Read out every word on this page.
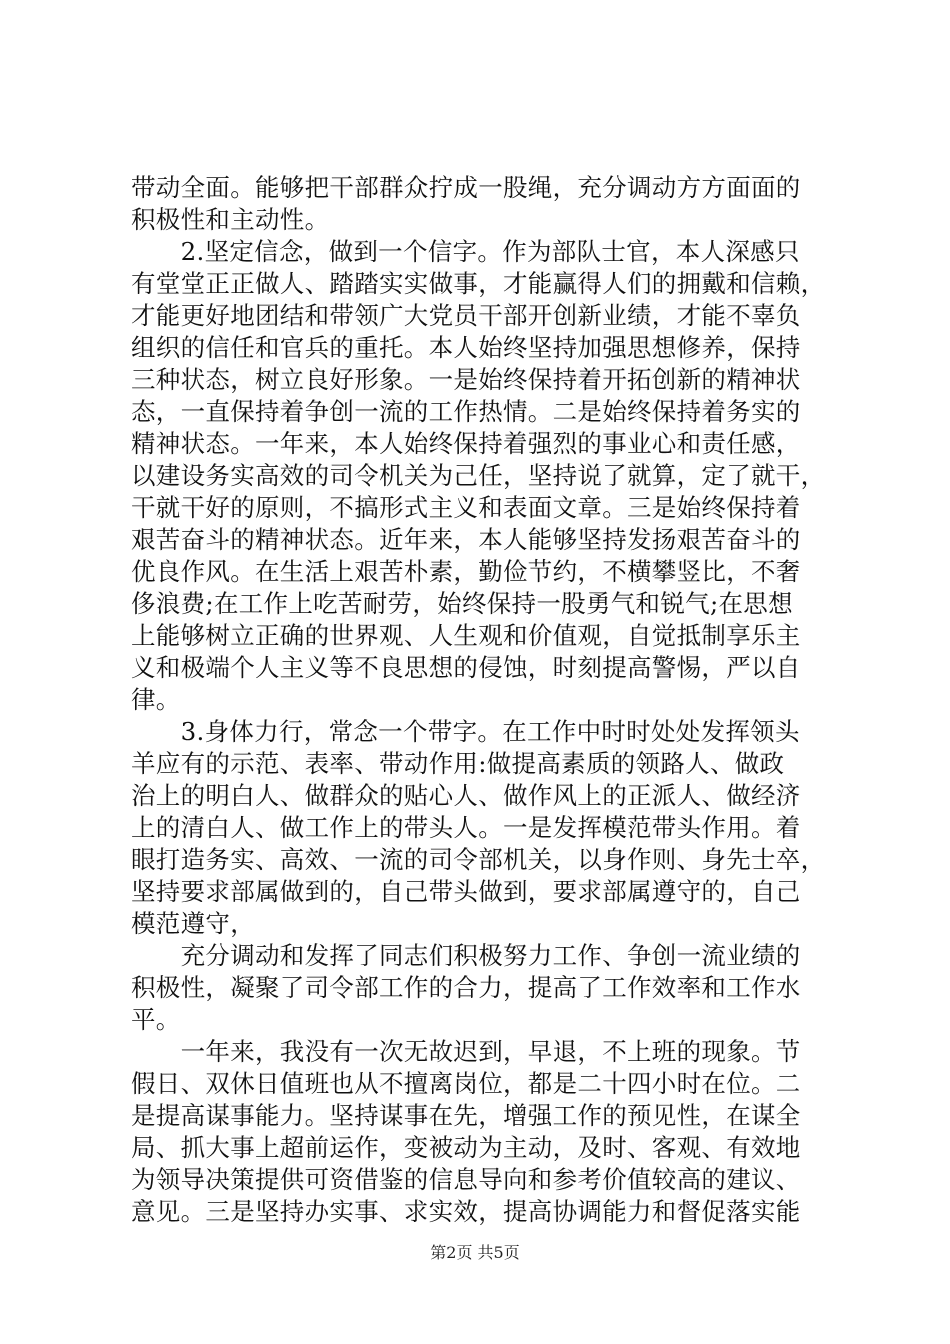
带动全面。能够把干部群众拧成一股绳，充分调动方方面面的
积极性和主动性。
　　2.坚定信念，做到一个信字。作为部队士官，本人深感只
有堂堂正正做人、踏踏实实做事，才能赢得人们的拥戴和信赖，
才能更好地团结和带领广大党员干部开创新业绩，才能不辜负
组织的信任和官兵的重托。本人始终坚持加强思想修养，保持
三种状态，树立良好形象。一是始终保持着开拓创新的精神状
态，一直保持着争创一流的工作热情。二是始终保持着务实的
精神状态。一年来，本人始终保持着强烈的事业心和责任感，
以建设务实高效的司令机关为己任，坚持说了就算，定了就干，
干就干好的原则，不搞形式主义和表面文章。三是始终保持着
艰苦奋斗的精神状态。近年来，本人能够坚持发扬艰苦奋斗的
优良作风。在生活上艰苦朴素，勤俭节约，不横攀竖比，不奢
侈浪费;在工作上吃苦耐劳，始终保持一股勇气和锐气;在思想
上能够树立正确的世界观、人生观和价值观，自觉抵制享乐主
义和极端个人主义等不良思想的侵蚀，时刻提高警惕，严以自
律。
　　3.身体力行，常念一个带字。在工作中时时处处发挥领头
羊应有的示范、表率、带动作用:做提高素质的领路人、做政
治上的明白人、做群众的贴心人、做作风上的正派人、做经济
上的清白人、做工作上的带头人。一是发挥模范带头作用。着
眼打造务实、高效、一流的司令部机关，以身作则、身先士卒，
坚持要求部属做到的，自己带头做到，要求部属遵守的，自己
模范遵守，
　　充分调动和发挥了同志们积极努力工作、争创一流业绩的
积极性，凝聚了司令部工作的合力，提高了工作效率和工作水
平。
　　一年来，我没有一次无故迟到，早退，不上班的现象。节
假日、双休日值班也从不擅离岗位，都是二十四小时在位。二
是提高谋事能力。坚持谋事在先，增强工作的预见性，在谋全
局、抓大事上超前运作，变被动为主动，及时、客观、有效地
为领导决策提供可资借鉴的信息导向和参考价值较高的建议、
意见。三是坚持办实事、求实效，提高协调能力和督促落实能
第2页 共5页
